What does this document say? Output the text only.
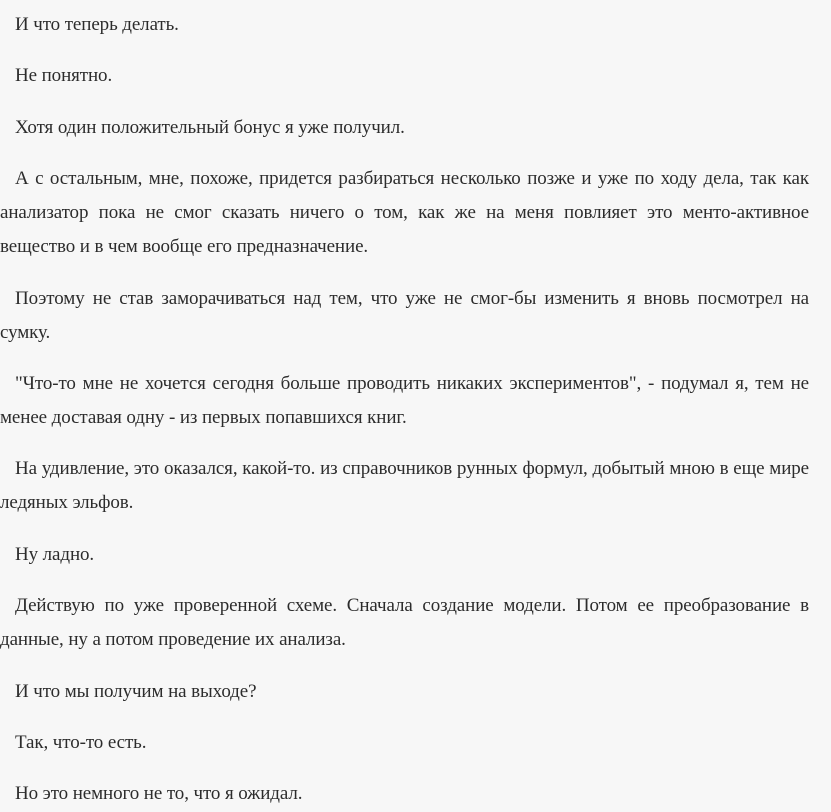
И что теперь делать.

Не понятно.

Хотя один положительный бонус я уже получил.

А с остальным, мне, похоже, придется разбираться несколько позже и уже по ходу дела, так как анализатор пока не смог сказать ничего о том, как же на меня повлияет это менто-активное вещество и в чем вообще его предназначение.

Поэтому не став заморачиваться над тем, что уже не смог-бы изменить я вновь посмотрел на сумку.

"Что-то мне не хочется сегодня больше проводить никаких экспериментов", - подумал я, тем не менее доставая одну - из первых попавшихся книг.

На удивление, это оказался, какой-то. из справочников рунных формул, добытый мною в еще мире ледяных эльфов.

Ну ладно.

Действую по уже проверенной схеме. Сначала создание модели. Потом ее преобразование в данные, ну а потом проведение их анализа.

И что мы получим на выходе?

Так, что-то есть.

Но это немного не то, что я ожидал.
